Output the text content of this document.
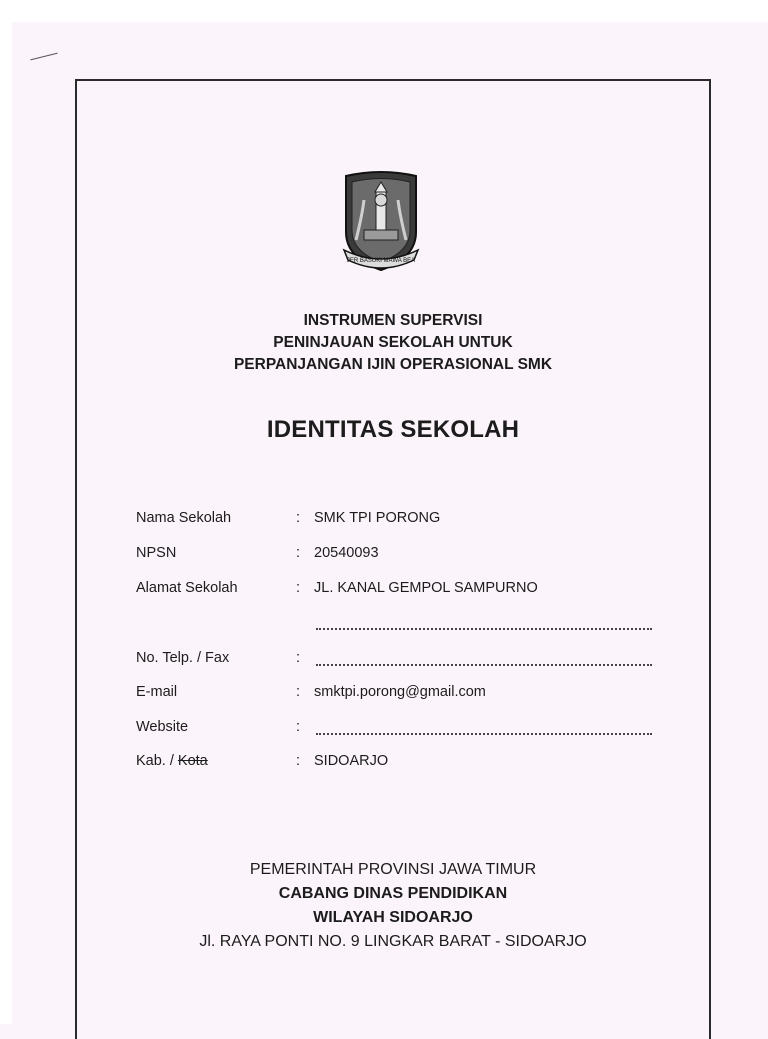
JER BASUKI MAWA BEA
INSTRUMEN SUPERVISI
PENINJAUAN SEKOLAH UNTUK
PERPANJANGAN IJIN OPERASIONAL SMK
IDENTITAS SEKOLAH
Nama Sekolah	: SMK TPI PORONG
NPSN	: 20540093
Alamat Sekolah	: JL. KANAL GEMPOL SAMPURNO
No. Telp. / Fax	:
E-mail	: smktpi.porong@gmail.com
Website	:
Kab. / Kota	: SIDOARJO
PEMERINTAH PROVINSI JAWA TIMUR
CABANG DINAS PENDIDIKAN
WILAYAH SIDOARJO
Jl. RAYA PONTI NO. 9 LINGKAR BARAT - SIDOARJO
